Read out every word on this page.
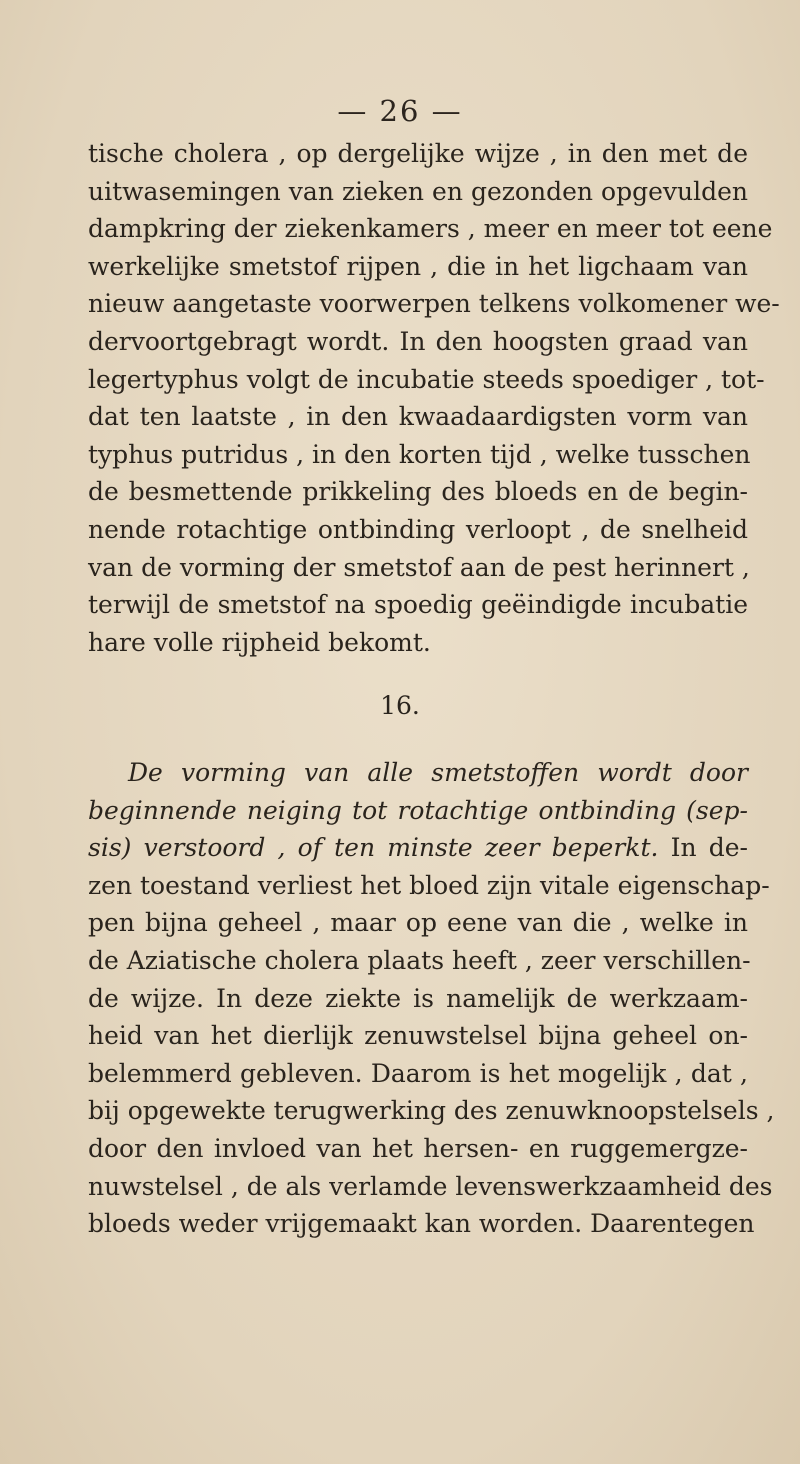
— 26 —
tische cholera , op dergelijke wijze , in den met de
uitwasemingen van zieken en gezonden opgevulden
dampkring der ziekenkamers , meer en meer tot eene
werkelijke smetstof rijpen , die in het ligchaam van
nieuw aangetaste voorwerpen telkens volkomener we-
dervoortgebragt wordt. In den hoogsten graad van
legertyphus volgt de incubatie steeds spoediger , tot-
dat ten laatste , in den kwaadaardigsten vorm van
typhus putridus , in den korten tijd , welke tusschen
de besmettende prikkeling des bloeds en de begin-
nende rotachtige ontbinding verloopt , de snelheid
van de vorming der smetstof aan de pest herinnert ,
terwijl de smetstof na spoedig geëindigde incubatie
hare volle rijpheid bekomt.
16.
De vorming van alle smetstoffen wordt door
beginnende neiging tot rotachtige ontbinding (sep-
sis) verstoord , of ten minste zeer beperkt. In de-
zen toestand verliest het bloed zijn vitale eigenschap-
pen bijna geheel , maar op eene van die , welke in
de Aziatische cholera plaats heeft , zeer verschillen-
de wijze. In deze ziekte is namelijk de werkzaam-
heid van het dierlijk zenuwstelsel bijna geheel on-
belemmerd gebleven. Daarom is het mogelijk , dat ,
bij opgewekte terugwerking des zenuwknoopstelsels ,
door den invloed van het hersen- en ruggemergze-
nuwstelsel , de als verlamde levenswerkzaamheid des
bloeds weder vrijgemaakt kan worden. Daarentegen
